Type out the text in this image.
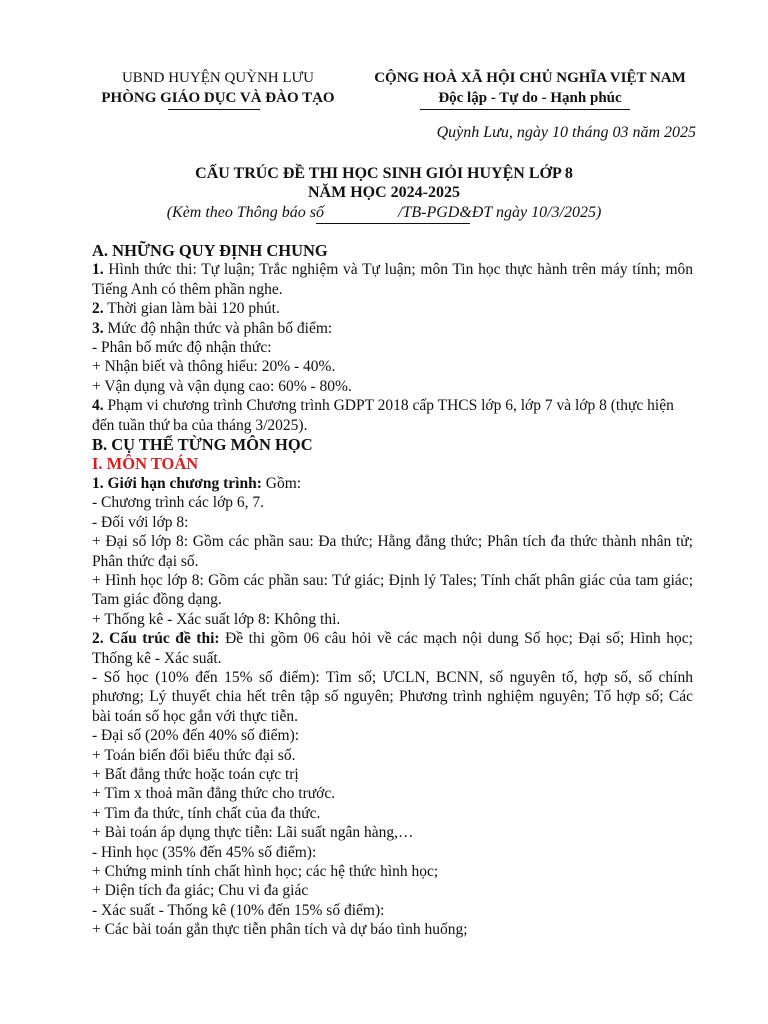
UBND HUYỆN QUỲNH LƯU
PHÒNG GIÁO DỤC VÀ ĐÀO TẠO
CỘNG HOÀ XÃ HỘI CHỦ NGHĨA VIỆT NAM
Độc lập - Tự do - Hạnh phúc
Quỳnh Lưu, ngày 10 tháng 03 năm 2025
CẤU TRÚC ĐỀ THI HỌC SINH GIỎI HUYỆN LỚP 8
NĂM HỌC 2024-2025
(Kèm theo Thông báo số	/TB-PGD&ĐT ngày 10/3/2025)

A. NHỮNG QUY ĐỊNH CHUNG

1. Hình thức thi: Tự luận; Trắc nghiệm và Tự luận; môn Tin học thực hành trên máy tính; môn Tiếng Anh có thêm phần nghe.

2. Thời gian làm bài 120 phút.

3. Mức độ nhận thức và phân bố điểm:

- Phân bố mức độ nhận thức:

+ Nhận biết và thông hiểu: 20% - 40%.

+ Vận dụng và vận dụng cao: 60% - 80%.

4. Phạm vi chương trình Chương trình GDPT 2018 cấp THCS lớp 6, lớp 7 và lớp 8 (thực hiện đến tuần thứ ba của tháng 3/2025).

B. CỤ THỂ TỪNG MÔN HỌC

I. MÔN TOÁN

1. Giới hạn chương trình: Gồm:

- Chương trình các lớp 6, 7.

- Đối với lớp 8:

+ Đại số lớp 8: Gồm các phần sau: Đa thức; Hằng đẳng thức; Phân tích đa thức thành nhân tử; Phân thức đại số.

+ Hình học lớp 8: Gồm các phần sau: Tứ giác; Định lý Tales; Tính chất phân giác của tam giác; Tam giác đồng dạng.

+ Thống kê - Xác suất lớp 8: Không thi.

2. Cấu trúc đề thi: Đề thi gồm 06 câu hỏi về các mạch nội dung Số học; Đại số; Hình học; Thống kê - Xác suất.

- Số học (10% đến 15% số điểm): Tìm số; ƯCLN, BCNN, số nguyên tố, hợp số, số chính phương; Lý thuyết chia hết trên tập số nguyên; Phương trình nghiệm nguyên; Tổ hợp số; Các bài toán số học gắn với thực tiễn.

- Đại số (20% đến 40% số điểm):

+ Toán biến đổi biểu thức đại số.

+ Bất đẳng thức hoặc toán cực trị

+ Tìm x thoả mãn đẳng thức cho trước.

+ Tìm đa thức, tính chất của đa thức.

+ Bài toán áp dụng thực tiễn: Lãi suất ngân hàng,…

- Hình học (35% đến 45% số điểm):

+ Chứng minh tính chất hình học; các hệ thức hình học;

+ Diện tích đa giác; Chu vi đa giác

- Xác suất - Thống kê (10% đến 15% số điểm):

+ Các bài toán gắn thực tiễn phân tích và dự báo tình huống;
